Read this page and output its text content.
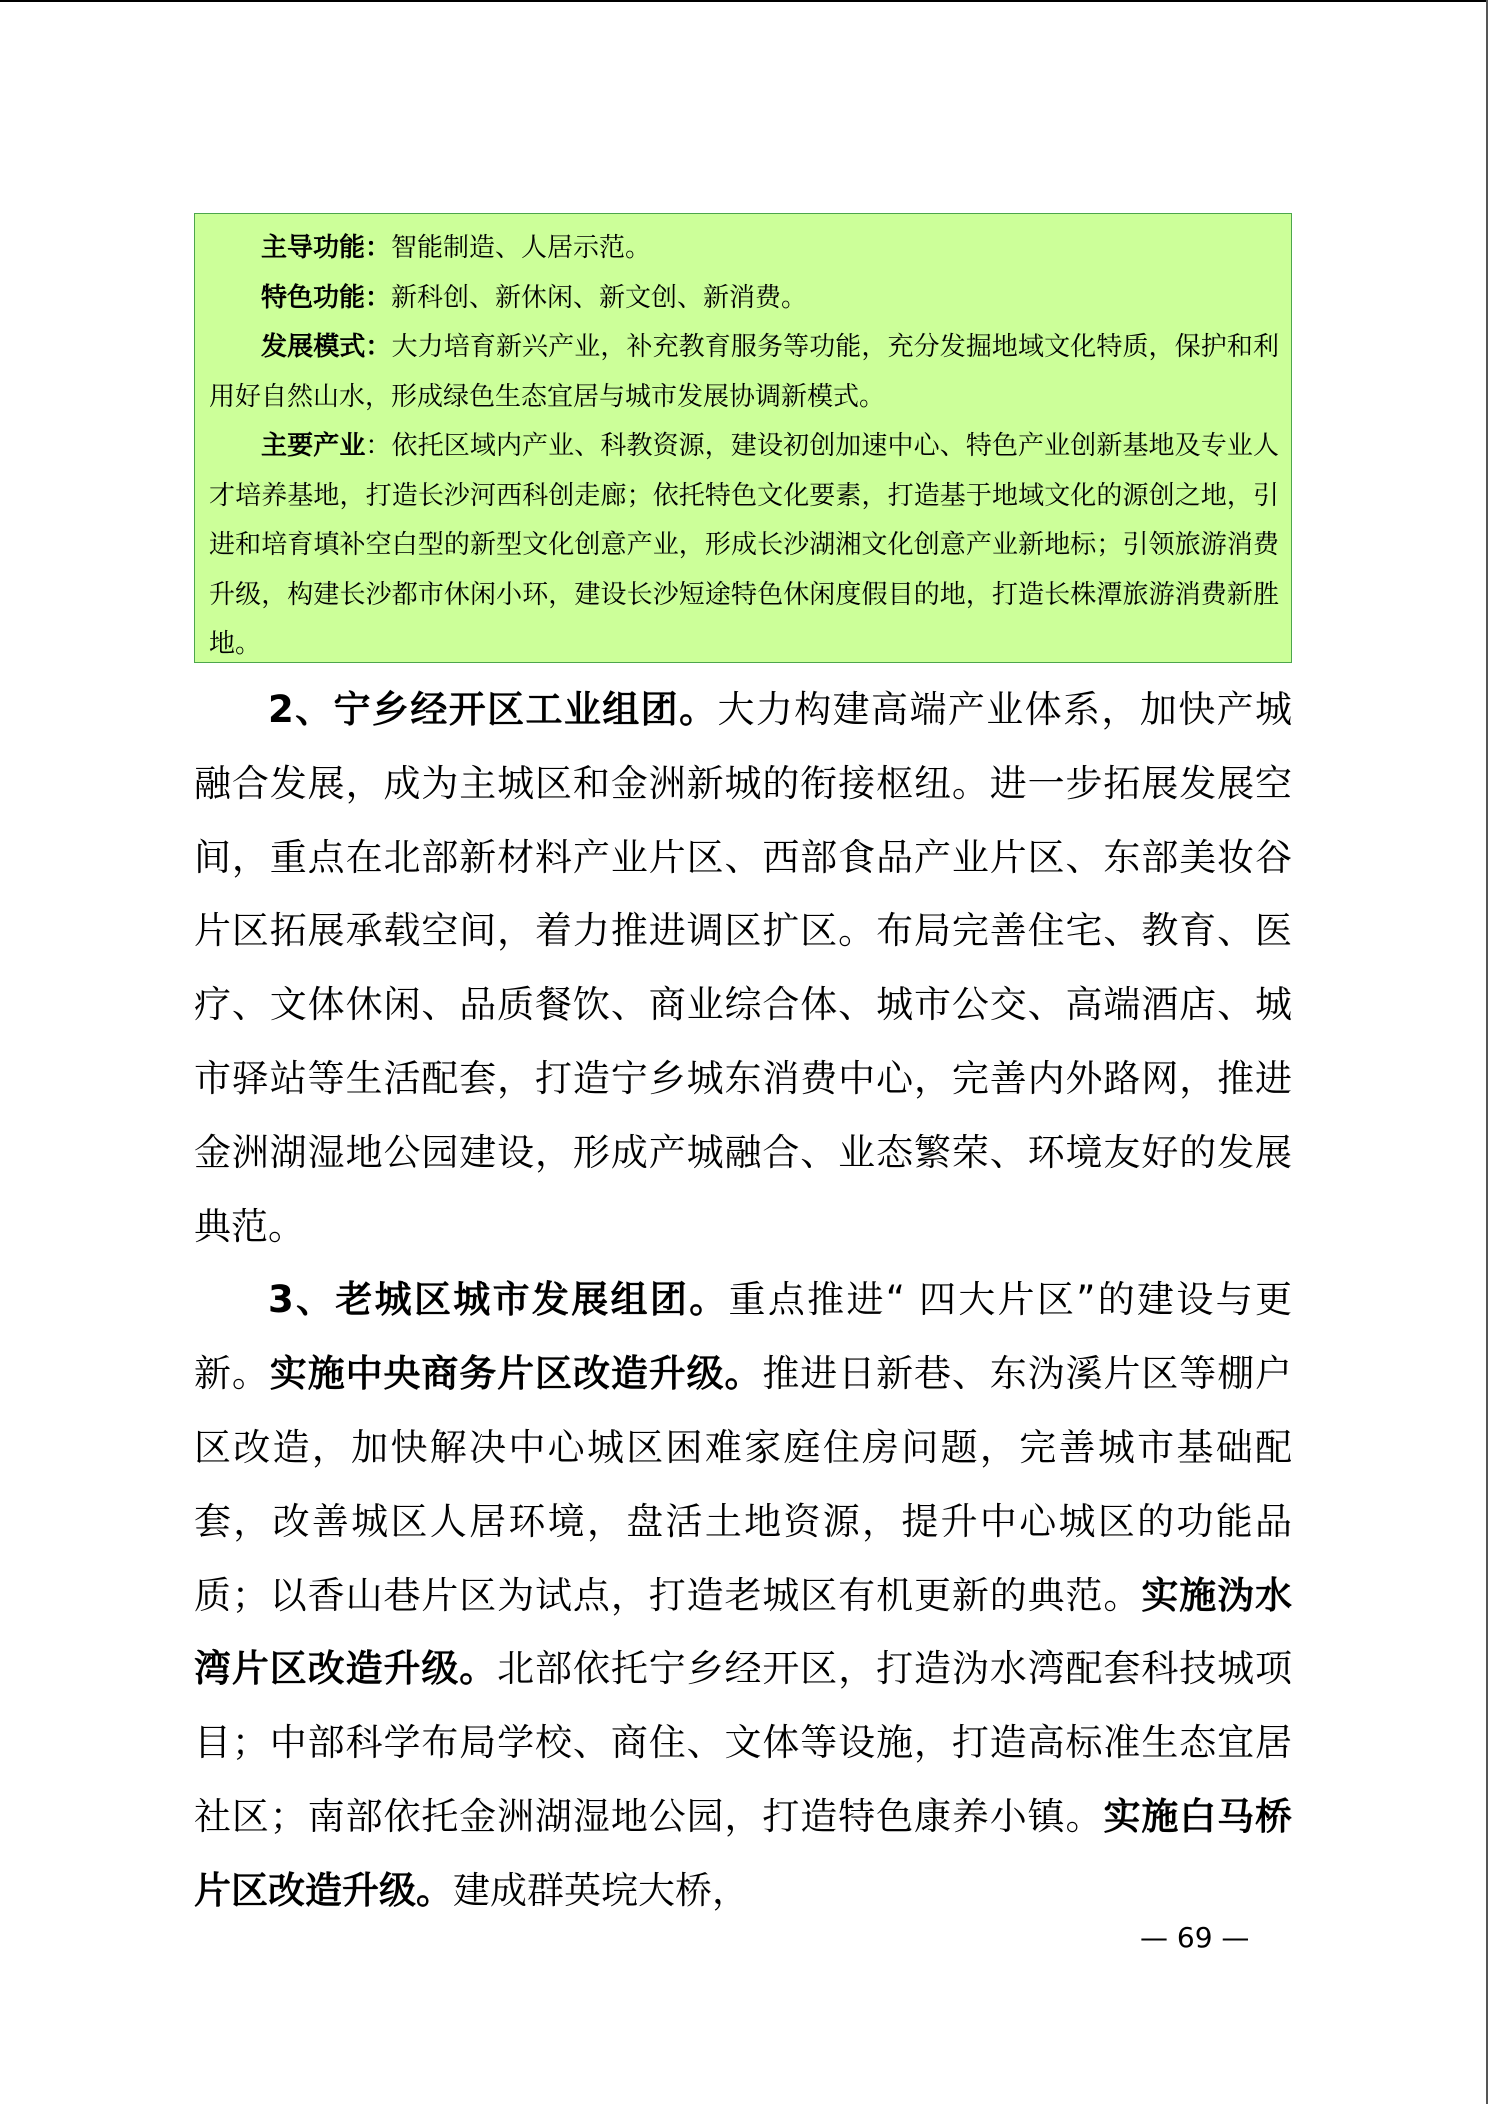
主导功能：智能制造、人居示范。

特色功能：新科创、新休闲、新文创、新消费。

发展模式：大力培育新兴产业，补充教育服务等功能，充分发掘地域文化特质，保护和利用好自然山水，形成绿色生态宜居与城市发展协调新模式。

主要产业：依托区域内产业、科教资源，建设初创加速中心、特色产业创新基地及专业人才培养基地，打造长沙河西科创走廊；依托特色文化要素，打造基于地域文化的源创之地，引进和培育填补空白型的新型文化创意产业，形成长沙湖湘文化创意产业新地标；引领旅游消费升级，构建长沙都市休闲小环，建设长沙短途特色休闲度假目的地，打造长株潭旅游消费新胜地。

2、宁乡经开区工业组团。大力构建高端产业体系，加快产城融合发展，成为主城区和金洲新城的衔接枢纽。进一步拓展发展空间，重点在北部新材料产业片区、西部食品产业片区、东部美妆谷片区拓展承载空间，着力推进调区扩区。布局完善住宅、教育、医疗、文体休闲、品质餐饮、商业综合体、城市公交、高端酒店、城市驿站等生活配套，打造宁乡城东消费中心，完善内外路网，推进金洲湖湿地公园建设，形成产城融合、业态繁荣、环境友好的发展典范。

3、老城区城市发展组团。重点推进“ 四大片区”的建设与更新。实施中央商务片区改造升级。推进日新巷、东沩溪片区等棚户区改造，加快解决中心城区困难家庭住房问题，完善城市基础配套，改善城区人居环境，盘活土地资源，提升中心城区的功能品质；以香山巷片区为试点，打造老城区有机更新的典范。实施沩水湾片区改造升级。北部依托宁乡经开区，打造沩水湾配套科技城项目；中部科学布局学校、商住、文体等设施，打造高标准生态宜居社区；南部依托金洲湖湿地公园，打造特色康养小镇。实施白马桥片区改造升级。建成群英垸大桥，

— 69 —
